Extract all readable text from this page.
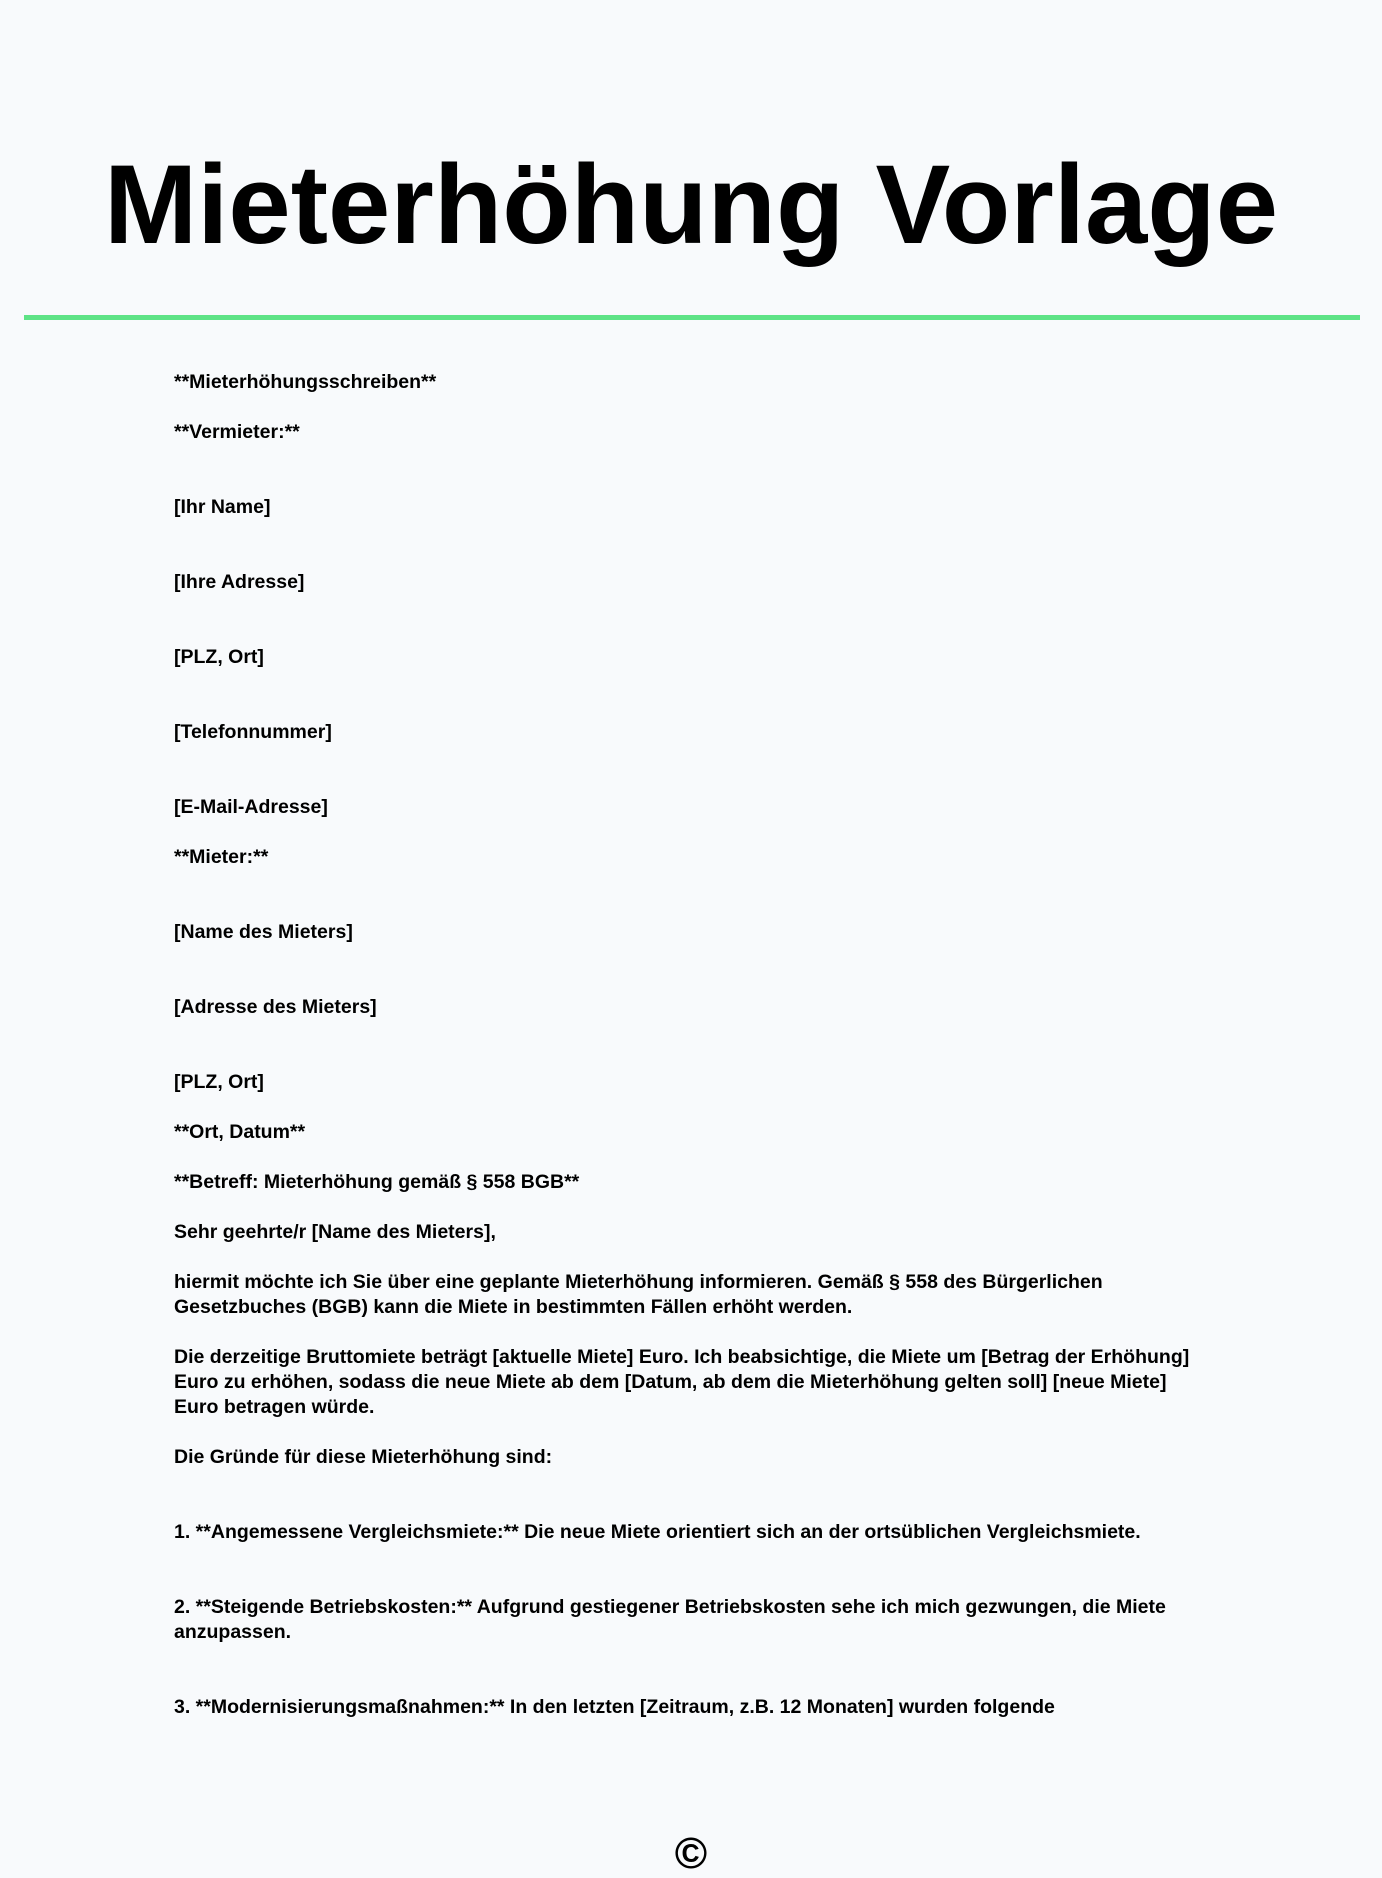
Mieterhöhung Vorlage

**Mieterhöhungsschreiben**

**Vermieter:**

[Ihr Name]

[Ihre Adresse]

[PLZ, Ort]

[Telefonnummer]

[E-Mail-Adresse]

**Mieter:**

[Name des Mieters]

[Adresse des Mieters]

[PLZ, Ort]

**Ort, Datum**

**Betreff: Mieterhöhung gemäß § 558 BGB**

Sehr geehrte/r [Name des Mieters],

hiermit möchte ich Sie über eine geplante Mieterhöhung informieren. Gemäß § 558 des Bürgerlichen Gesetzbuches (BGB) kann die Miete in bestimmten Fällen erhöht werden.

Die derzeitige Bruttomiete beträgt [aktuelle Miete] Euro. Ich beabsichtige, die Miete um [Betrag der Erhöhung] Euro zu erhöhen, sodass die neue Miete ab dem [Datum, ab dem die Mieterhöhung gelten soll] [neue Miete] Euro betragen würde.

Die Gründe für diese Mieterhöhung sind:

1. **Angemessene Vergleichsmiete:** Die neue Miete orientiert sich an der ortsüblichen Vergleichsmiete.

2. **Steigende Betriebskosten:** Aufgrund gestiegener Betriebskosten sehe ich mich gezwungen, die Miete anzupassen.

3. **Modernisierungsmaßnahmen:** In den letzten [Zeitraum, z.B. 12 Monaten] wurden folgende

©
